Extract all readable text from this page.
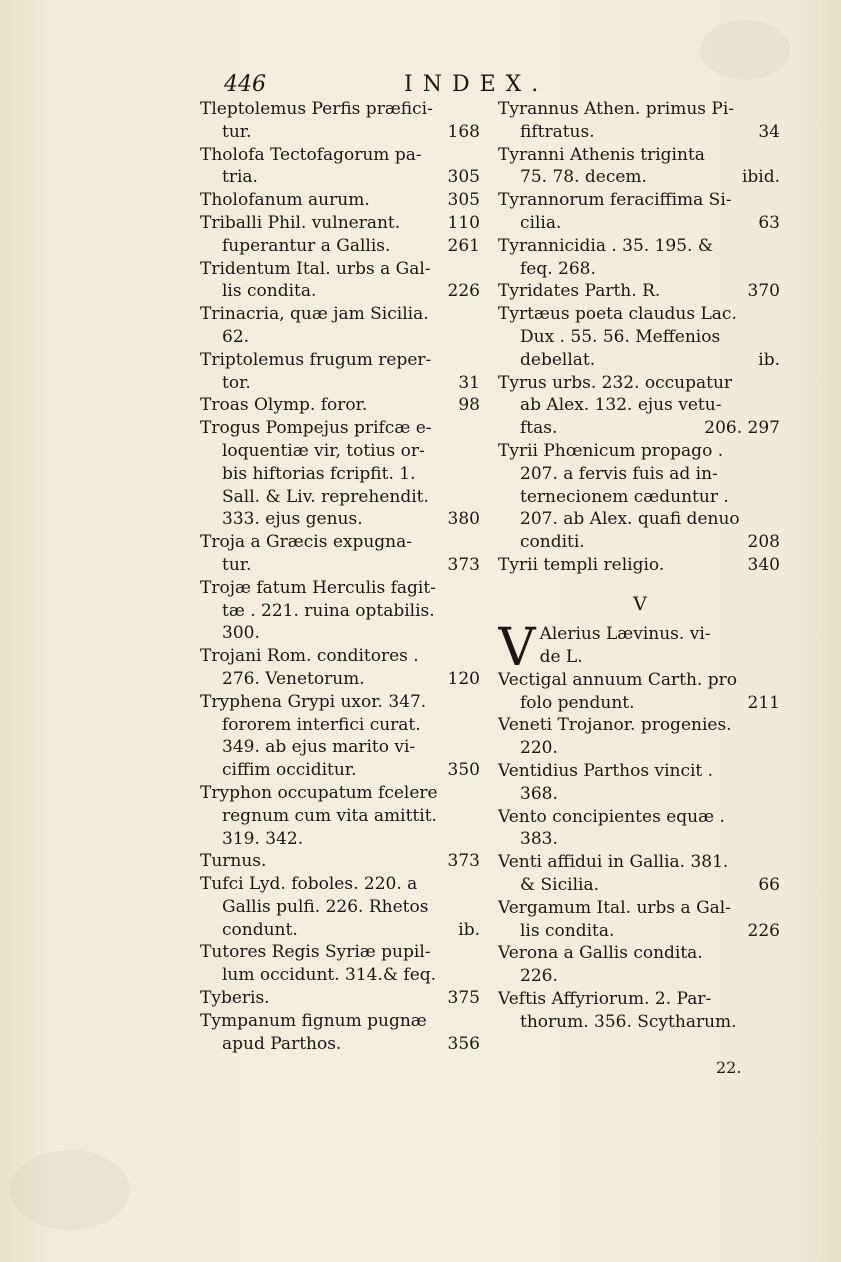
446	INDEX.
Tleptolemus Perfis præfici-
tur.	168
Tholofa Tectofagorum pa-
tria.	305
Tholofanum aurum.	305
Triballi Phil. vulnerant.	110
fuperantur a Gallis.	261
Tridentum Ital. urbs a Gal-
lis condita.	226
Trinacria, quæ jam Sicilia.
62.
Triptolemus frugum reper-
tor.	31
Troas Olymp. foror.	98
Trogus Pompejus prifcæ e-
loquentiæ vir, totius or-
bis hiftorias fcripfit. 1.
Sall. & Liv. reprehendit.
333. ejus genus.	380
Troja a Græcis expugna-
tur.	373
Trojæ fatum Herculis fagit-
tæ . 221. ruina optabilis.
300.
Trojani Rom. conditores .
276. Venetorum.	120
Tryphena Grypi uxor. 347.
fororem interfici curat.
349. ab ejus marito vi-
ciffim occiditur.	350
Tryphon occupatum fcelere
regnum cum vita amittit.
319. 342.
Turnus.	373
Tufci Lyd. foboles. 220. a
Gallis pulfi. 226. Rhetos
condunt.	ib.
Tutores Regis Syriæ pupil-
lum occidunt. 314.& feq.
Tyberis.	375
Tympanum fignum pugnæ
apud Parthos.	356
Tyrannus Athen. primus Pi-
fiftratus.	34
Tyranni Athenis triginta
75. 78. decem.	ibid.
Tyrannorum feraciffima Si-
cilia.	63
Tyrannicidia . 35. 195. &
feq. 268.
Tyridates Parth. R.	370
Tyrtæus poeta claudus Lac.
Dux . 55. 56. Meffenios
debellat.	ib.
Tyrus urbs. 232. occupatur
ab Alex. 132. ejus vetu-
ftas.	206. 297
Tyrii Phœnicum propago .
207. a fervis fuis ad in-
ternecionem cæduntur .
207. ab Alex. quafi denuo
conditi.	208
Tyrii templi religio.	340
V
V Alerius Lævinus. vi-
de L.
Vectigal annuum Carth. pro
folo pendunt.	211
Veneti Trojanor. progenies.
220.
Ventidius Parthos vincit .
368.
Vento concipientes equæ .
383.
Venti affidui in Gallia. 381.
& Sicilia.	66
Vergamum Ital. urbs a Gal-
lis condita.	226
Verona a Gallis condita.
226.
Veftis Affyriorum. 2. Par-
thorum. 356. Scytharum.
22.
